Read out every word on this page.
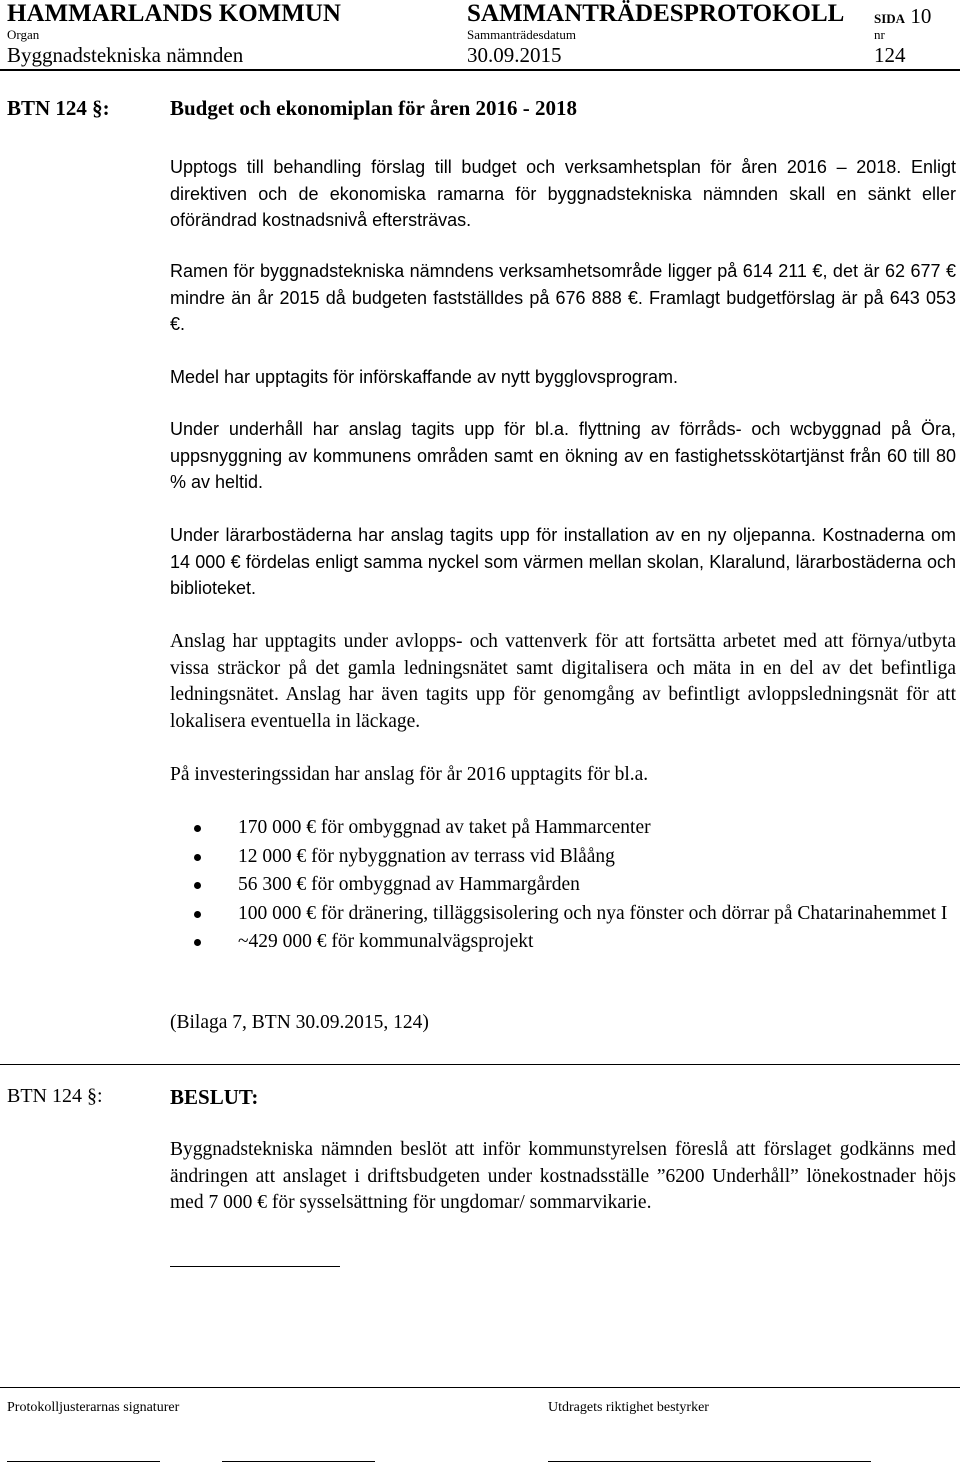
HAMMARLANDS KOMMUN	SAMMANTRÄDESPROTOKOLL SIDA 10
Organ	Sammanträdesdatum	nr
Byggnadstekniska nämnden	30.09.2015	124
BTN 124 §:	Budget och ekonomiplan för åren 2016 - 2018

Upptogs till behandling förslag till budget och verksamhetsplan för åren 2016 – 2018. Enligt direktiven och de ekonomiska ramarna för byggnadstekniska nämnden skall en sänkt eller oförändrad kostnadsnivå eftersträvas.

Ramen för byggnadstekniska nämndens verksamhetsområde ligger på 614 211 €, det är 62 677 € mindre än år 2015 då budgeten fastställdes på 676 888 €. Framlagt budgetförslag är på 643 053 €.

Medel har upptagits för införskaffande av nytt bygglovsprogram.

Under underhåll har anslag tagits upp för bl.a. flyttning av förråds- och wcbyggnad på Öra, uppsnyggning av kommunens områden samt en ökning av en fastighetsskötartjänst från 60 till 80 % av heltid.

Under lärarbostäderna har anslag tagits upp för installation av en ny oljepanna. Kostnaderna om 14 000 € fördelas enligt samma nyckel som värmen mellan skolan, Klaralund, lärarbostäderna och biblioteket.

Anslag har upptagits under avlopps- och vattenverk för att fortsätta arbetet med att förnya/utbyta vissa sträckor på det gamla ledningsnätet samt digitalisera och mäta in en del av det befintliga ledningsnätet. Anslag har även tagits upp för genomgång av befintligt avloppsledningsnät för att lokalisera eventuella in läckage.

På investeringssidan har anslag för år 2016 upptagits för bl.a.

170 000 € för ombyggnad av taket på Hammarcenter
12 000 € för nybyggnation av terrass vid Blåång
56 300 € för ombyggnad av Hammargården
100 000 € för dränering, tilläggsisolering och nya fönster och dörrar på Chatarinahemmet I
~429 000 € för kommunalvägsprojekt

(Bilaga 7, BTN 30.09.2015, 124)

BTN 124 §:	BESLUT:

Byggnadstekniska nämnden beslöt att inför kommunstyrelsen föreslå att förslaget godkänns med ändringen att anslaget i driftsbudgeten under kostnadsställe ”6200 Underhåll” lönekostnader höjs med 7 000 € för sysselsättning för ungdomar/ sommarvikarie.

Protokolljusterarnas signaturer	Utdragets riktighet bestyrker
